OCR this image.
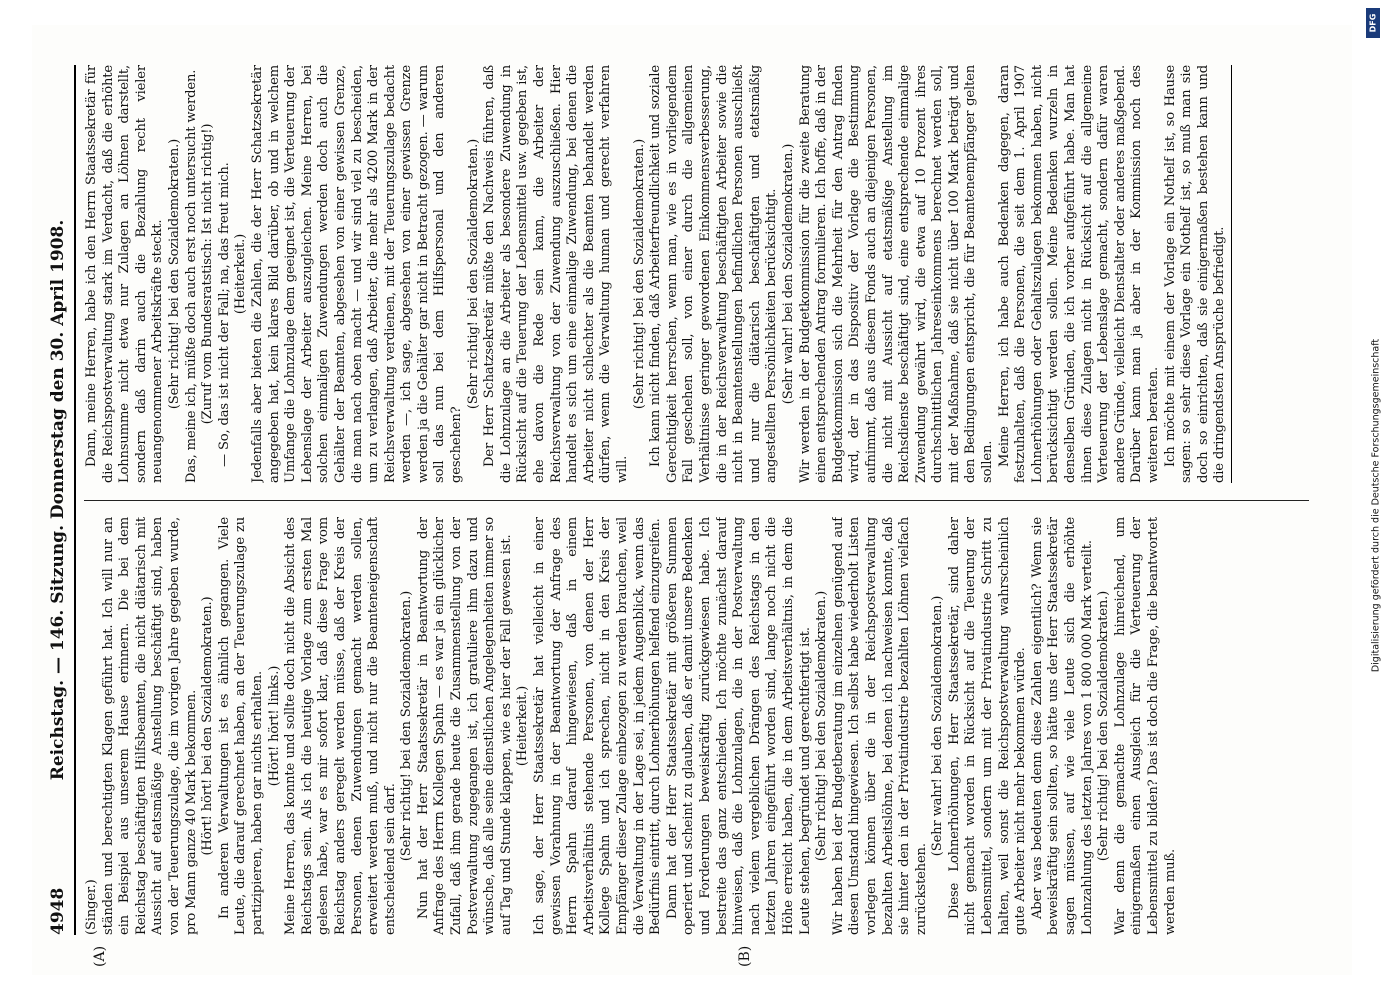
4948
Reichstag. — 146. Sitzung. Donnerstag den 30. April 1908.

(Singer.) ständen und berechtigten Klagen geführt hat. Ich will nur an ein Beispiel aus unserem Hause erinnern. Die bei dem Reichstag beschäftigten Hilfsbeamten, die nicht diätarisch mit Aussicht auf etatsmäßige Anstellung beschäftigt sind, haben von der Teuerungszulage, die im vorigen Jahre gegeben wurde, pro Mann ganze 40 Mark bekommen. (Hört! hört! bei den Sozialdemokraten.) In anderen Verwaltungen ist es ähnlich gegangen. Viele Leute, die darauf gerechnet haben, an der Teuerungszulage zu partizipieren, haben gar nichts erhalten. (Hört! hört! links.) Meine Herren, das konnte und sollte doch nicht die Absicht des Reichstags sein. Als ich die heutige Vorlage zum ersten Mal gelesen habe, war es mir sofort klar, daß diese Frage vom Reichstag anders geregelt werden müsse, daß der Kreis der Personen, denen Zuwendungen gemacht werden sollen, erweitert werden muß, und nicht nur die Beamteneigenschaft entscheidend sein darf. (Sehr richtig! bei den Sozialdemokraten.) Nun hat der Herr Staatssekretär in Beantwortung der Anfrage des Herrn Kollegen Spahn — es war ja ein glücklicher Zufall, daß ihm gerade heute die Zusammenstellung von der Postverwaltung zugegangen ist, ich gratuliere ihm dazu und wünsche, daß alle seine dienstlichen Angelegenheiten immer so auf Tag und Stunde klappen, wie es hier der Fall gewesen ist. (Heiterkeit.) Ich sage, der Herr Staatssekretär hat vielleicht in einer gewissen Vorahnung in der Beantwortung der Anfrage des Herrn Spahn darauf hingewiesen, daß in einem Arbeitsverhältnis stehende Personen, von denen der Herr Kollege Spahn und ich sprechen, nicht in den Kreis der Empfänger dieser Zulage einbezogen zu werden brauchen, weil die Verwaltung in der Lage sei, in jedem Augenblick, wenn das Bedürfnis eintritt, durch Lohnerhöhungen helfend einzugreifen. Dann hat der Herr Staatssekretär mit größeren Summen operiert und scheint zu glauben, daß er damit unsere Bedenken und Forderungen beweiskräftig zurückgewiesen habe. Ich bestreite das ganz entschieden. Ich möchte zunächst darauf hinweisen, daß die Lohnzulagen, die in der Postverwaltung nach vielem vergeblichen Drängen des Reichstags in den letzten Jahren eingeführt worden sind, lange noch nicht die Höhe erreicht haben, die in dem Arbeitsverhältnis, in dem die Leute stehen, begründet und gerechtfertigt ist. (Sehr richtig! bei den Sozialdemokraten.) Wir haben bei der Budgetberatung im einzelnen genügend auf diesen Umstand hingewiesen. Ich selbst habe wiederholt Listen vorlegen können über die in der Reichspostverwaltung bezahlten Arbeitslöhne, bei denen ich nachweisen konnte, daß sie hinter den in der Privatindustrie bezahlten Löhnen vielfach zurückstehen.

(Sehr wahr! bei den Sozialdemokraten.) Diese Lohnerhöhungen, Herr Staatssekretär, sind daher nicht gemacht worden in Rücksicht auf die Teuerung der Lebensmittel, sondern um mit der Privatindustrie Schritt zu halten, weil sonst die Reichspostverwaltung wahrscheinlich gute Arbeiter nicht mehr bekommen würde. Aber was bedeuten denn diese Zahlen eigentlich? Wenn sie beweiskräftig sein sollten, so hätte uns der Herr Staatssekretär sagen müssen, auf wie viele Leute sich die erhöhte Lohnzahlung des letzten Jahres von 1 800 000 Mark verteilt. (Sehr richtig! bei den Sozialdemokraten.) War denn die gemachte Lohnzulage hinreichend, um einigermaßen einen Ausgleich für die Verteuerung der Lebensmittel zu bilden? Das ist doch die Frage, die beantwortet werden muß.

Dann, meine Herren, habe ich den Herrn Staatssekretär für die Reichspostverwaltung stark im Verdacht, daß die erhöhte Lohnsumme nicht etwa nur Zulagen an Löhnen darstellt, sondern daß darin auch die Bezahlung recht vieler neuangenommener Arbeitskräfte steckt. (Sehr richtig! bei den Sozialdemokraten.) Das, meine ich, müßte doch auch erst noch untersucht werden. (Zuruf vom Bundesratstisch: Ist nicht richtig!) — So, das ist nicht der Fall; na, das freut mich. (Heiterkeit.) Jedenfalls aber bieten die Zahlen, die der Herr Schatzsekretär angegeben hat, kein klares Bild darüber, ob und in welchem Umfange die Lohnzulage dem geeignet ist, die Verteuerung der Lebenslage der Arbeiter auszugleichen. Meine Herren, bei solchen einmaligen Zuwendungen werden doch auch die Gehälter der Beamten, abgesehen von einer gewissen Grenze, die man nach oben macht — und wir sind viel zu bescheiden, um zu verlangen, daß Arbeiter, die mehr als 4200 Mark in der Reichsverwaltung verdienen, mit der Teuerungszulage bedacht werden —, ich sage, abgesehen von einer gewissen Grenze werden ja die Gehälter gar nicht in Betracht gezogen. — warum soll das nun bei dem Hilfspersonal und den anderen geschehen?

(Sehr richtig! bei den Sozialdemokraten.) Der Herr Schatzsekretär müßte den Nachweis führen, daß die Lohnzulage an die Arbeiter als besondere Zuwendung in Rücksicht auf die Teuerung der Lebensmittel usw. gegeben ist, ehe davon die Rede sein kann, die Arbeiter der Reichsverwaltung von der Zuwendung auszuschließen. Hier handelt es sich um eine einmalige Zuwendung, bei denen die Arbeiter nicht schlechter als die Beamten behandelt werden dürfen, wenn die Verwaltung human und gerecht verfahren will.

(Sehr richtig! bei den Sozialdemokraten.) Ich kann nicht finden, daß Arbeiterfreundlichkeit und soziale Gerechtigkeit herrschen, wenn man, wie es in vorliegendem Fall geschehen soll, von einer durch die allgemeinen Verhältnisse geringer gewordenen Einkommensverbesserung, die in der Reichsverwaltung beschäftigten Arbeiter sowie die nicht in Beamtenstellungen befindlichen Personen ausschließt und nur die diätarisch beschäftigten und etatsmäßig angestellten Persönlichkeiten berücksichtigt. (Sehr wahr! bei den Sozialdemokraten.) Wir werden in der Budgetkommission für die zweite Beratung einen entsprechenden Antrag formulieren. Ich hoffe, daß in der Budgetkommission sich die Mehrheit für den Antrag finden wird, der in das Dispositiv der Vorlage die Bestimmung aufnimmt, daß aus diesem Fonds auch an diejenigen Personen, die nicht mit Aussicht auf etatsmäßige Anstellung im Reichsdienste beschäftigt sind, eine entsprechende einmalige Zuwendung gewährt wird, die etwa auf 10 Prozent ihres durchschnittlichen Jahreseinkommens berechnet werden soll, mit der Maßnahme, daß sie nicht über 100 Mark beträgt und den Bedingungen entspricht, die für Beamtenempfänger gelten sollen. Meine Herren, ich habe auch Bedenken dagegen, daran festzuhalten, daß die Personen, die seit dem 1. April 1907 Lohnerhöhungen oder Gehaltszulagen bekommen haben, nicht berücksichtigt werden sollen. Meine Bedenken wurzeln in denselben Gründen, die ich vorher aufgeführt habe. Man hat ihnen diese Zulagen nicht in Rücksicht auf die allgemeine Verteuerung der Lebenslage gemacht, sondern dafür waren andere Gründe, vielleicht Dienstalter oder anderes maßgebend. Darüber kann man ja aber in der Kommission noch des weiteren beraten. Ich möchte mit einem der Vorlage ein Nothelf ist, so Hause sagen: so sehr diese Vorlage ein Nothelf ist, so muß man sie doch so einrichten, daß sie einigermaßen bestehen kann und die dringendsten Ansprüche befriedigt.

(A)	(B)
Digitalisierung gefördert durch die Deutsche Forschungsgemeinschaft
DFG
